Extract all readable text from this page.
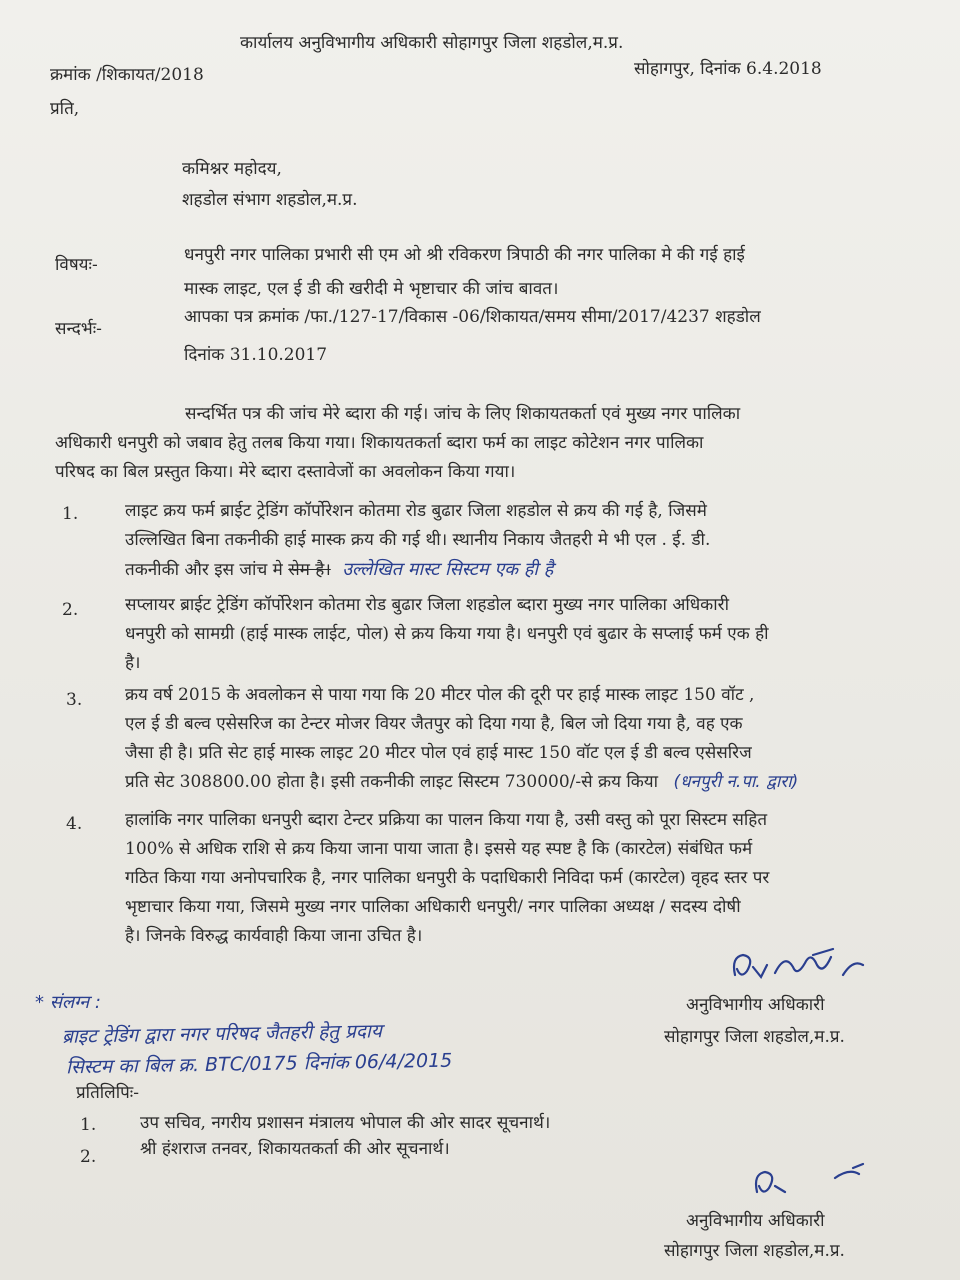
कार्यालय अनुविभागीय अधिकारी सोहागपुर जिला शहडोल,म.प्र.
क्रमांक /शिकायत/2018	सोहागपुर, दिनांक 6.4.2018
प्रति,
कमिश्नर महोदय,
शहडोल संभाग शहडोल,म.प्र.
विषयः-	धनपुरी नगर पालिका प्रभारी सी एम ओ श्री रविकरण त्रिपाठी की नगर पालिका मे की गई हाई
मास्क लाइट, एल ई डी की खरीदी मे भृष्टाचार की जांच बावत।
सन्दर्भः-
आपका पत्र क्रमांक /फा./127-17/विकास -06/शिकायत/समय सीमा/2017/4237 शहडोल
दिनांक 31.10.2017

सन्दर्भित पत्र की जांच मेरे ब्दारा की गई। जांच के लिए शिकायतकर्ता एवं मुख्य नगर पालिका

अधिकारी धनपुरी को जबाव हेतु तलब किया गया। शिकायतकर्ता ब्दारा फर्म का लाइट कोटेशन नगर पालिका

परिषद का बिल प्रस्तुत किया। मेरे ब्दारा दस्तावेजों का अवलोकन किया गया।

1.	लाइट क्रय फर्म ब्राईट ट्रेडिंग कॉर्पोरेशन कोतमा रोड बुढार जिला शहडोल से क्रय की गई है, जिसमे

उल्लिखित बिना तकनीकी हाई मास्क क्रय की गई थी। स्थानीय निकाय जैतहरी मे भी एल . ई. डी.

तकनीकी और इस जांच मे सेम है। उल्लेखित मास्ट सिस्टम एक ही है

2.	सप्लायर ब्राईट ट्रेडिंग कॉर्पोरेशन कोतमा रोड बुढार जिला शहडोल ब्दारा मुख्य नगर पालिका अधिकारी

धनपुरी को सामग्री (हाई मास्क लाईट, पोल) से क्रय किया गया है। धनपुरी एवं बुढार के सप्लाई फर्म एक ही

है।

3.	क्रय वर्ष 2015 के अवलोकन से पाया गया कि 20 मीटर पोल की दूरी पर हाई मास्क लाइट 150 वॉट ,

एल ई डी बल्व एसेसरिज का टेन्टर मोजर वियर जैतपुर को दिया गया है, बिल जो दिया गया है, वह एक

जैसा ही है। प्रति सेट हाई मास्क लाइट 20 मीटर पोल एवं हाई मास्ट 150 वॉट एल ई डी बल्व एसेसरिज

प्रति सेट 308800.00 होता है। इसी तकनीकी लाइट सिस्टम 730000/-से क्रय किया (धनपुरी न.पा. द्वारा)

4.	हालांकि नगर पालिका धनपुरी ब्दारा टेन्टर प्रक्रिया का पालन किया गया है, उसी वस्तु को पूरा सिस्टम सहित

100% से अधिक राशि से क्रय किया जाना पाया जाता है। इससे यह स्पष्ट है कि (कारटेल) संबंधित फर्म

गठित किया गया अनोपचारिक है, नगर पालिका धनपुरी के पदाधिकारी निविदा फर्म (कारटेल) वृहद स्तर पर

भृष्टाचार किया गया, जिसमे मुख्य नगर पालिका अधिकारी धनपुरी/ नगर पालिका अध्यक्ष / सदस्य दोषी

है। जिनके विरुद्ध कार्यवाही किया जाना उचित है।

अनुविभागीय अधिकारी
सोहागपुर जिला शहडोल,म.प्र.
* संलग्न :
ब्राइट ट्रेडिंग द्वारा नगर परिषद जैतहरी हेतु प्रदाय
सिस्टम का बिल क्र. BTC/0175 दिनांक 06/4/2015
प्रतिलिपिः-
1.	उप सचिव, नगरीय प्रशासन मंत्रालय भोपाल की ओर सादर सूचनार्थ।
2.	श्री हंशराज तनवर, शिकायतकर्ता की ओर सूचनार्थ।
अनुविभागीय अधिकारी
सोहागपुर जिला शहडोल,म.प्र.
